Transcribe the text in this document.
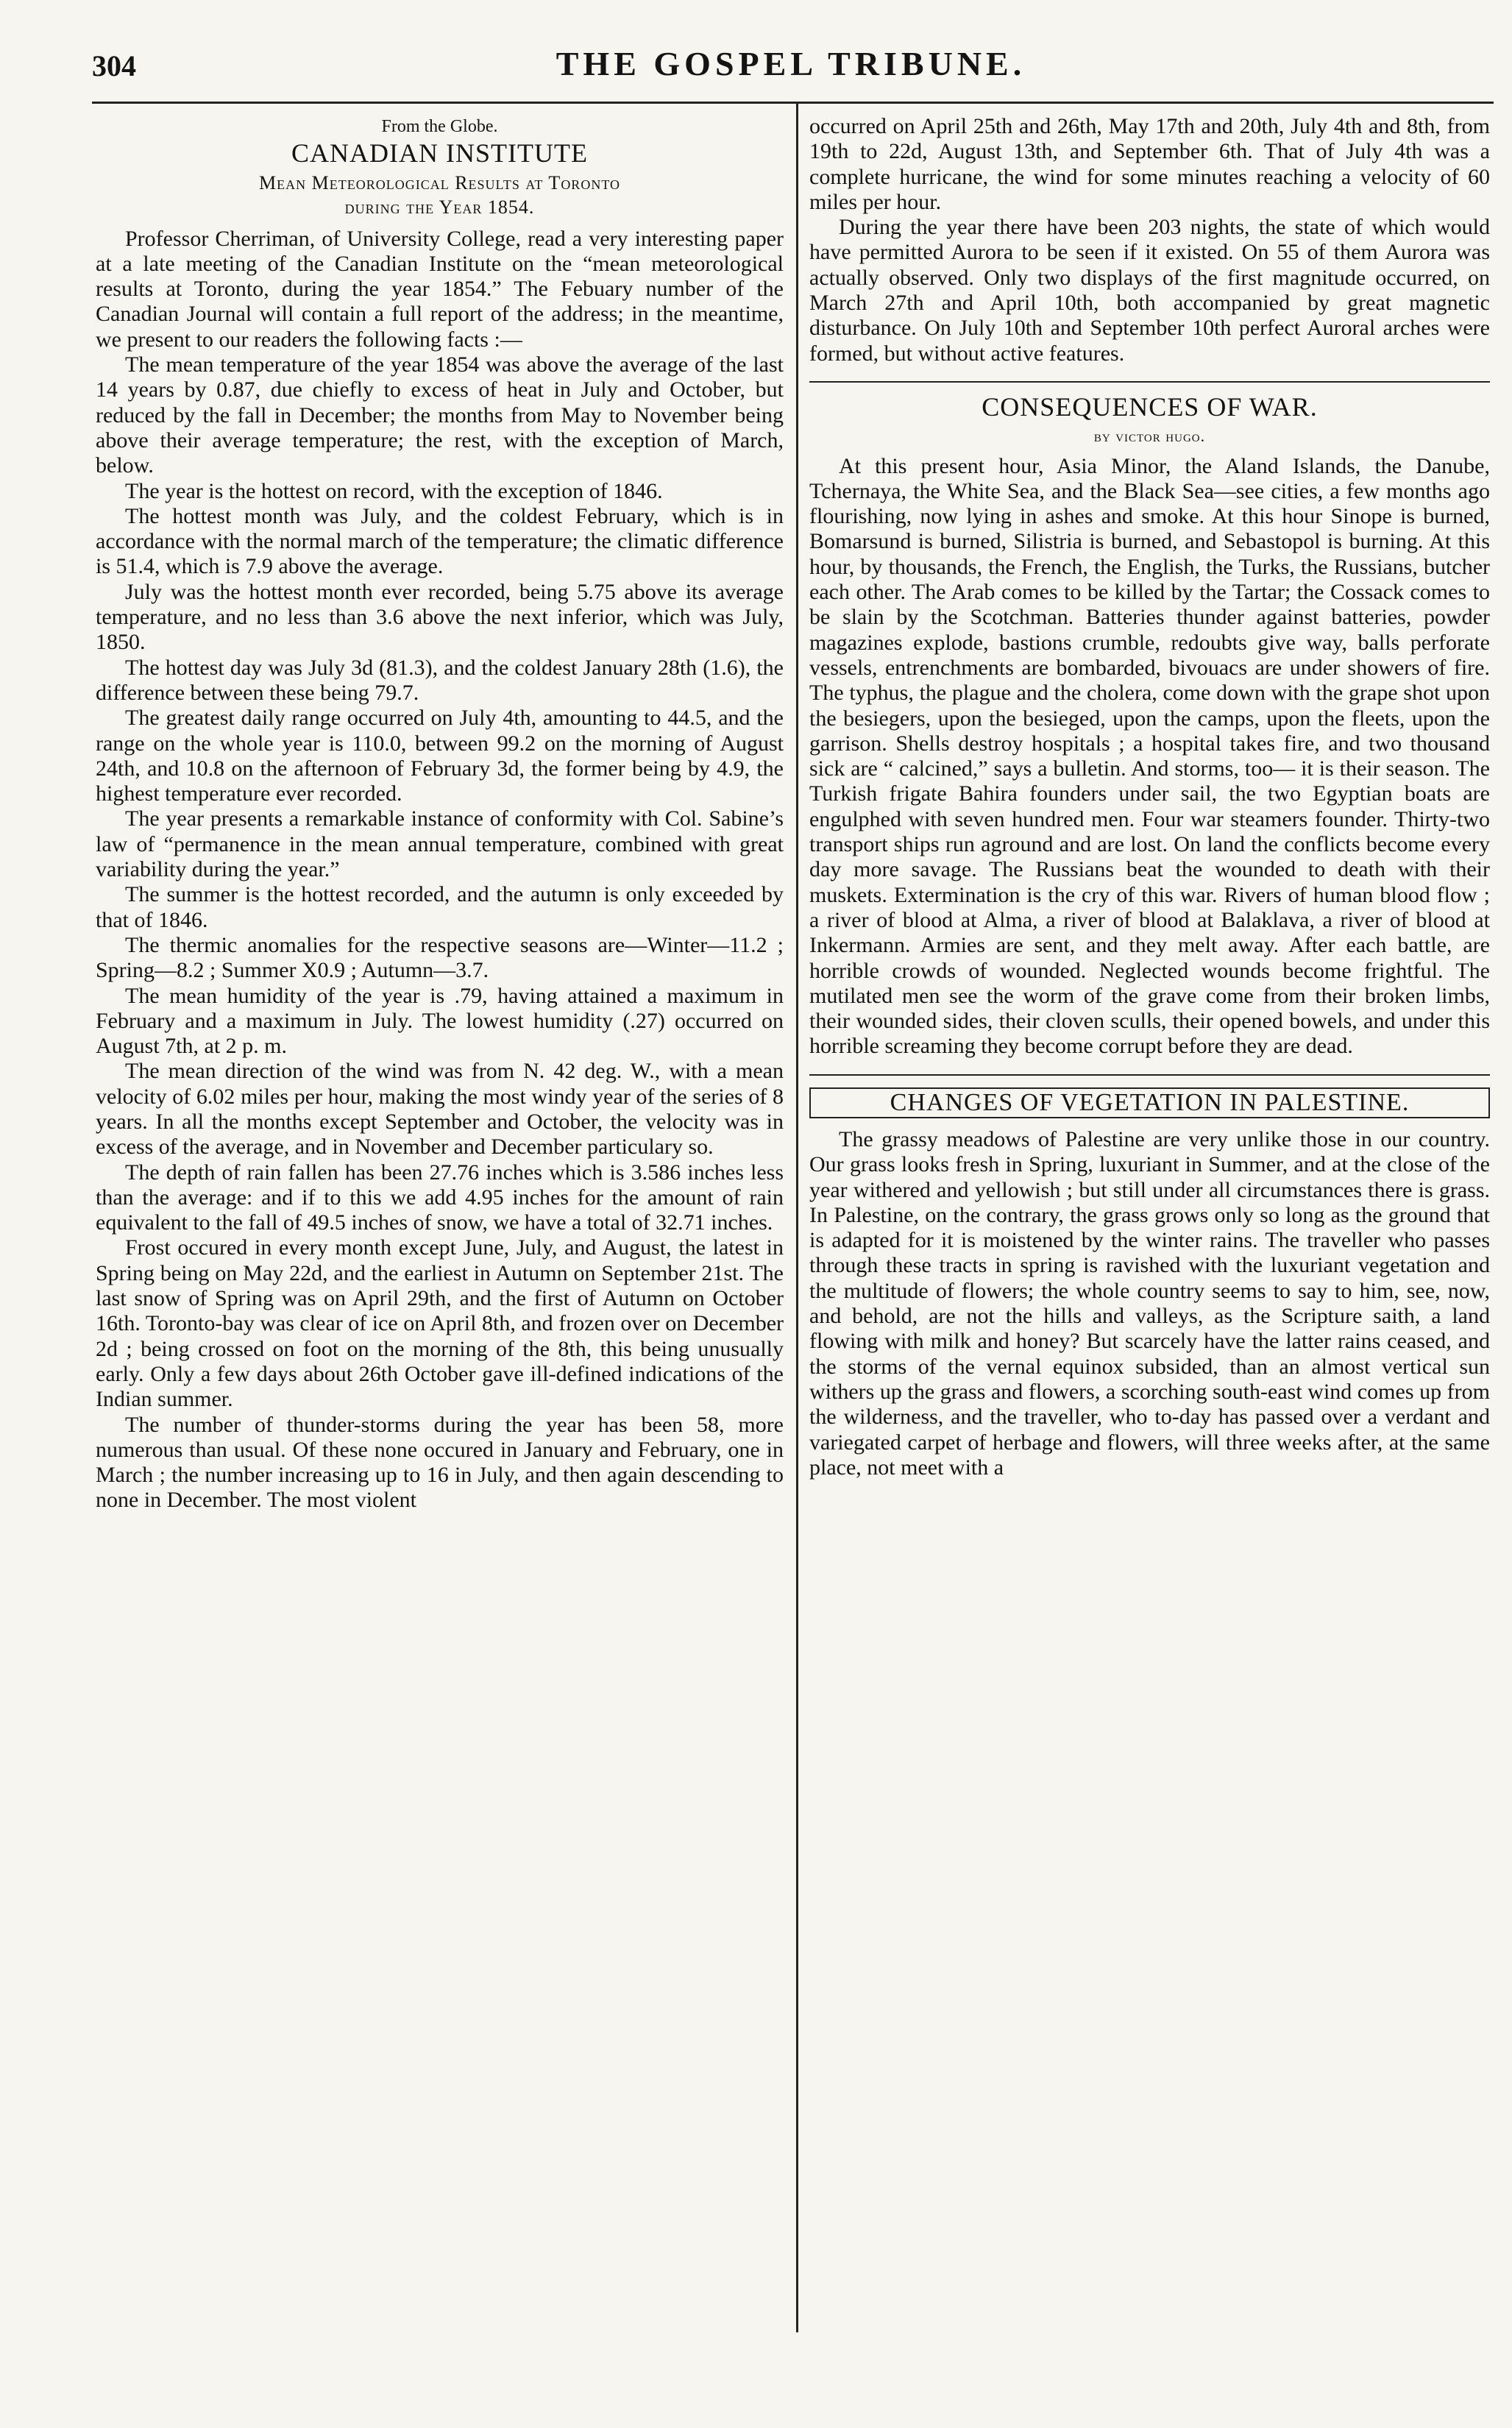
304	THE GOSPEL TRIBUNE.
From the Globe.
CANADIAN INSTITUTE
Mean Meteorological Results at Toronto
during the Year 1854.

Professor Cherriman, of University College, read a very interesting paper at a late meeting of the Canadian Institute on the “mean meteorological results at Toronto, during the year 1854.” The Febuary number of the Canadian Journal will contain a full report of the address; in the meantime, we present to our readers the following facts :—

The mean temperature of the year 1854 was above the average of the last 14 years by 0.87, due chiefly to excess of heat in July and October, but reduced by the fall in December; the months from May to November being above their average temperature; the rest, with the exception of March, below.

The year is the hottest on record, with the exception of 1846.

The hottest month was July, and the coldest February, which is in accordance with the normal march of the temperature; the climatic difference is 51.4, which is 7.9 above the average.

July was the hottest month ever recorded, being 5.75 above its average temperature, and no less than 3.6 above the next inferior, which was July, 1850.

The hottest day was July 3d (81.3), and the coldest January 28th (1.6), the difference between these being 79.7.

The greatest daily range occurred on July 4th, amounting to 44.5, and the range on the whole year is 110.0, between 99.2 on the morning of August 24th, and 10.8 on the afternoon of February 3d, the former being by 4.9, the highest temperature ever recorded.

The year presents a remarkable instance of conformity with Col. Sabine’s law of “permanence in the mean annual temperature, combined with great variability during the year.”

The summer is the hottest recorded, and the autumn is only exceeded by that of 1846.

The thermic anomalies for the respective seasons are—Winter—11.2 ; Spring—8.2 ; Summer X0.9 ; Autumn—3.7.

The mean humidity of the year is .79, having attained a maximum in February and a maximum in July. The lowest humidity (.27) occurred on August 7th, at 2 p. m.

The mean direction of the wind was from N. 42 deg. W., with a mean velocity of 6.02 miles per hour, making the most windy year of the series of 8 years. In all the months except September and October, the velocity was in excess of the average, and in November and December particulary so.

The depth of rain fallen has been 27.76 inches which is 3.586 inches less than the average: and if to this we add 4.95 inches for the amount of rain equivalent to the fall of 49.5 inches of snow, we have a total of 32.71 inches.

Frost occured in every month except June, July, and August, the latest in Spring being on May 22d, and the earliest in Autumn on September 21st. The last snow of Spring was on April 29th, and the first of Autumn on October 16th. Toronto-bay was clear of ice on April 8th, and frozen over on December 2d ; being crossed on foot on the morning of the 8th, this being unusually early. Only a few days about 26th October gave ill-defined indications of the Indian summer.

The number of thunder-storms during the year has been 58, more numerous than usual. Of these none occured in January and February, one in March ; the number increasing up to 16 in July, and then again descending to none in December. The most violent

occurred on April 25th and 26th, May 17th and 20th, July 4th and 8th, from 19th to 22d, August 13th, and September 6th. That of July 4th was a complete hurricane, the wind for some minutes reaching a velocity of 60 miles per hour.

During the year there have been 203 nights, the state of which would have permitted Aurora to be seen if it existed. On 55 of them Aurora was actually observed. Only two displays of the first magnitude occurred, on March 27th and April 10th, both accompanied by great magnetic disturbance. On July 10th and September 10th perfect Auroral arches were formed, but without active features.

CONSEQUENCES OF WAR.
by victor hugo.

At this present hour, Asia Minor, the Aland Islands, the Danube, Tchernaya, the White Sea, and the Black Sea—see cities, a few months ago flourishing, now lying in ashes and smoke. At this hour Sinope is burned, Bomarsund is burned, Silistria is burned, and Sebastopol is burning. At this hour, by thousands, the French, the English, the Turks, the Russians, butcher each other. The Arab comes to be killed by the Tartar; the Cossack comes to be slain by the Scotchman. Batteries thunder against batteries, powder magazines explode, bastions crumble, redoubts give way, balls perforate vessels, entrenchments are bombarded, bivouacs are under showers of fire. The typhus, the plague and the cholera, come down with the grape shot upon the besiegers, upon the besieged, upon the camps, upon the fleets, upon the garrison. Shells destroy hospitals ; a hospital takes fire, and two thousand sick are “ calcined,” says a bulletin. And storms, too— it is their season. The Turkish frigate Bahira founders under sail, the two Egyptian boats are engulphed with seven hundred men. Four war steamers founder. Thirty-two transport ships run aground and are lost. On land the conflicts become every day more savage. The Russians beat the wounded to death with their muskets. Extermination is the cry of this war. Rivers of human blood flow ; a river of blood at Alma, a river of blood at Balaklava, a river of blood at Inkermann. Armies are sent, and they melt away. After each battle, are horrible crowds of wounded. Neglected wounds become frightful. The mutilated men see the worm of the grave come from their broken limbs, their wounded sides, their cloven sculls, their opened bowels, and under this horrible screaming they become corrupt before they are dead.

CHANGES OF VEGETATION IN PALESTINE.

The grassy meadows of Palestine are very unlike those in our country. Our grass looks fresh in Spring, luxuriant in Summer, and at the close of the year withered and yellowish ; but still under all circumstances there is grass. In Palestine, on the contrary, the grass grows only so long as the ground that is adapted for it is moistened by the winter rains. The traveller who passes through these tracts in spring is ravished with the luxuriant vegetation and the multitude of flowers; the whole country seems to say to him, see, now, and behold, are not the hills and valleys, as the Scripture saith, a land flowing with milk and honey? But scarcely have the latter rains ceased, and the storms of the vernal equinox subsided, than an almost vertical sun withers up the grass and flowers, a scorching south-east wind comes up from the wilderness, and the traveller, who to-day has passed over a verdant and variegated carpet of herbage and flowers, will three weeks after, at the same place, not meet with a
